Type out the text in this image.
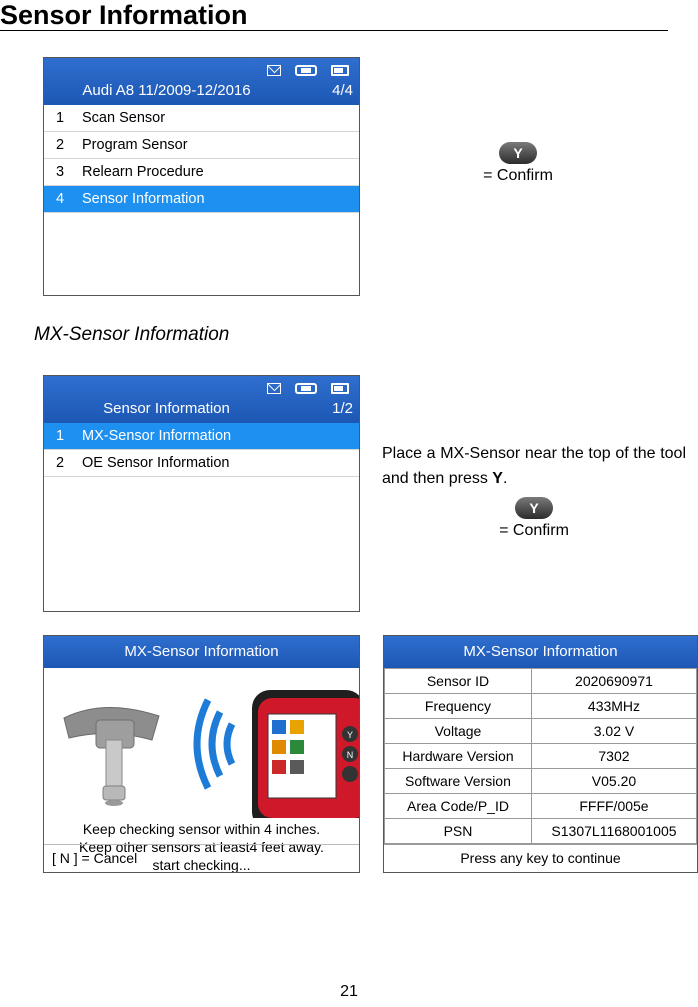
Sensor Information
Audi A8 11/2009-12/2016	4/4
1	Scan Sensor
2	Program Sensor
3	Relearn Procedure
4	Sensor Information
Y
= Confirm
MX-Sensor Information
Sensor Information	1/2
1	MX-Sensor Information
2	OE Sensor Information
Place a MX-Sensor near the top of the tool and then press Y.
Y
= Confirm
MX-Sensor Information
Y
N
Keep checking sensor within 4 inches.
Keep other sensors at least4 feet away.
start checking...
[ N ] = Cancel
MX-Sensor Information
Sensor ID	2020690971
Frequency	433MHz
Voltage	3.02 V
Hardware Version	7302
Software Version	V05.20
Area Code/P_ID	FFFF/005e
PSN	S1307L1168001005
Press any key to continue
21
